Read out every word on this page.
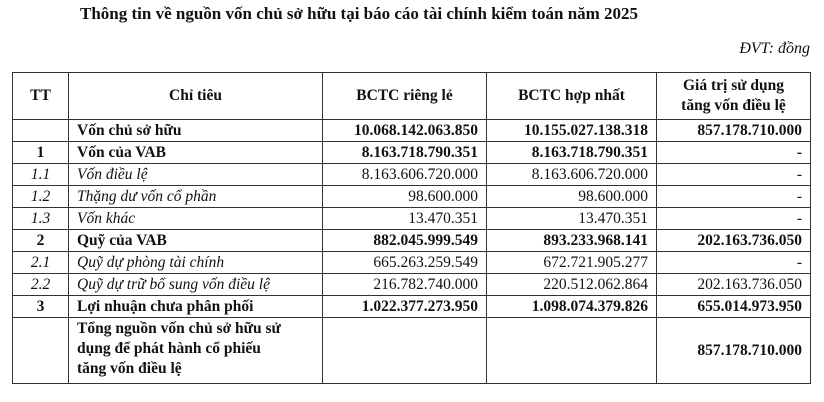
Thông tin về nguồn vốn chủ sở hữu tại báo cáo tài chính kiểm toán năm 2025
ĐVT: đồng
TT	Chỉ tiêu	BCTC riêng lẻ	BCTC hợp nhất	Giá trị sử dụng
tăng vốn điều lệ

	Vốn chủ sở hữu	10.068.142.063.850	10.155.027.138.318	857.178.710.000
1	Vốn của VAB	8.163.718.790.351	8.163.718.790.351	-
1.1	Vốn điều lệ	8.163.606.720.000	8.163.606.720.000	-
1.2	Thặng dư vốn cổ phần	98.600.000	98.600.000	-
1.3	Vốn khác	13.470.351	13.470.351	-
2	Quỹ của VAB	882.045.999.549	893.233.968.141	202.163.736.050
2.1	Quỹ dự phòng tài chính	665.263.259.549	672.721.905.277	-
2.2	Quỹ dự trữ bổ sung vốn điều lệ	216.782.740.000	220.512.062.864	202.163.736.050
3	Lợi nhuận chưa phân phối	1.022.377.273.950	1.098.074.379.826	655.014.973.950

	Tổng nguồn vốn chủ sở hữu sử
dụng để phát hành cổ phiếu
tăng vốn điều lệ			857.178.710.000
